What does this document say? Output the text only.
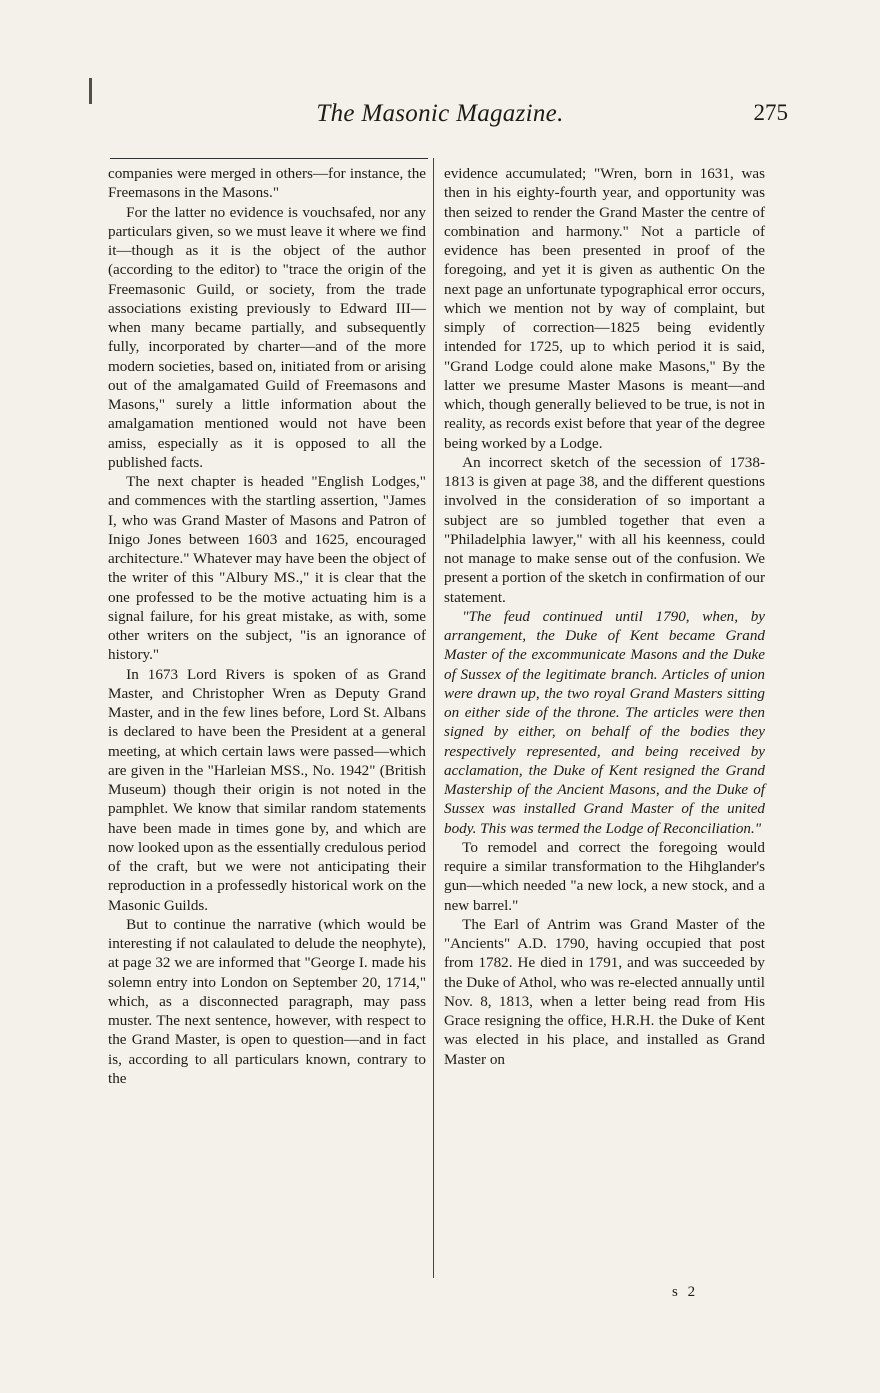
The Masonic Magazine.	275

companies were merged in others—for instance, the Freemasons in the Masons."

For the latter no evidence is vouchsafed, nor any particulars given, so we must leave it where we find it—though as it is the object of the author (according to the editor) to "trace the origin of the Freemasonic Guild, or society, from the trade associations existing previously to Edward III—when many became partially, and subsequently fully, incorporated by charter—and of the more modern societies, based on, initiated from or arising out of the amalgamated Guild of Freemasons and Masons," surely a little information about the amalgamation mentioned would not have been amiss, especially as it is opposed to all the published facts.

The next chapter is headed "English Lodges," and commences with the startling assertion, "James I, who was Grand Master of Masons and Patron of Inigo Jones between 1603 and 1625, encouraged architecture." Whatever may have been the object of the writer of this "Albury MS.," it is clear that the one professed to be the motive actuating him is a signal failure, for his great mistake, as with, some other writers on the subject, "is an ignorance of history."

In 1673 Lord Rivers is spoken of as Grand Master, and Christopher Wren as Deputy Grand Master, and in the few lines before, Lord St. Albans is declared to have been the President at a general meeting, at which certain laws were passed—which are given in the "Harleian MSS., No. 1942" (British Museum) though their origin is not noted in the pamphlet. We know that similar random statements have been made in times gone by, and which are now looked upon as the essentially credulous period of the craft, but we were not anticipating their reproduction in a professedly historical work on the Masonic Guilds.

But to continue the narrative (which would be interesting if not calaulated to delude the neophyte), at page 32 we are informed that "George I. made his solemn entry into London on September 20, 1714," which, as a disconnected paragraph, may pass muster. The next sentence, however, with respect to the Grand Master, is open to question—and in fact is, according to all particulars known, contrary to the

evidence accumulated; "Wren, born in 1631, was then in his eighty-fourth year, and opportunity was then seized to render the Grand Master the centre of combination and harmony." Not a particle of evidence has been presented in proof of the foregoing, and yet it is given as authentic On the next page an unfortunate typographical error occurs, which we mention not by way of complaint, but simply of correction—1825 being evidently intended for 1725, up to which period it is said, "Grand Lodge could alone make Masons," By the latter we presume Master Masons is meant—and which, though generally believed to be true, is not in reality, as records exist before that year of the degree being worked by a Lodge.

An incorrect sketch of the secession of 1738-1813 is given at page 38, and the different questions involved in the consideration of so important a subject are so jumbled together that even a "Philadelphia lawyer," with all his keenness, could not manage to make sense out of the confusion. We present a portion of the sketch in confirmation of our statement.

"The feud continued until 1790, when, by arrangement, the Duke of Kent became Grand Master of the excommunicate Masons and the Duke of Sussex of the legitimate branch. Articles of union were drawn up, the two royal Grand Masters sitting on either side of the throne. The articles were then signed by either, on behalf of the bodies they respectively represented, and being received by acclamation, the Duke of Kent resigned the Grand Mastership of the Ancient Masons, and the Duke of Sussex was installed Grand Master of the united body. This was termed the Lodge of Reconciliation."

To remodel and correct the foregoing would require a similar transformation to the Hihglander's gun—which needed "a new lock, a new stock, and a new barrel."

The Earl of Antrim was Grand Master of the "Ancients" A.D. 1790, having occupied that post from 1782. He died in 1791, and was succeeded by the Duke of Athol, who was re-elected annually until Nov. 8, 1813, when a letter being read from His Grace resigning the office, H.R.H. the Duke of Kent was elected in his place, and installed as Grand Master on

s 2
